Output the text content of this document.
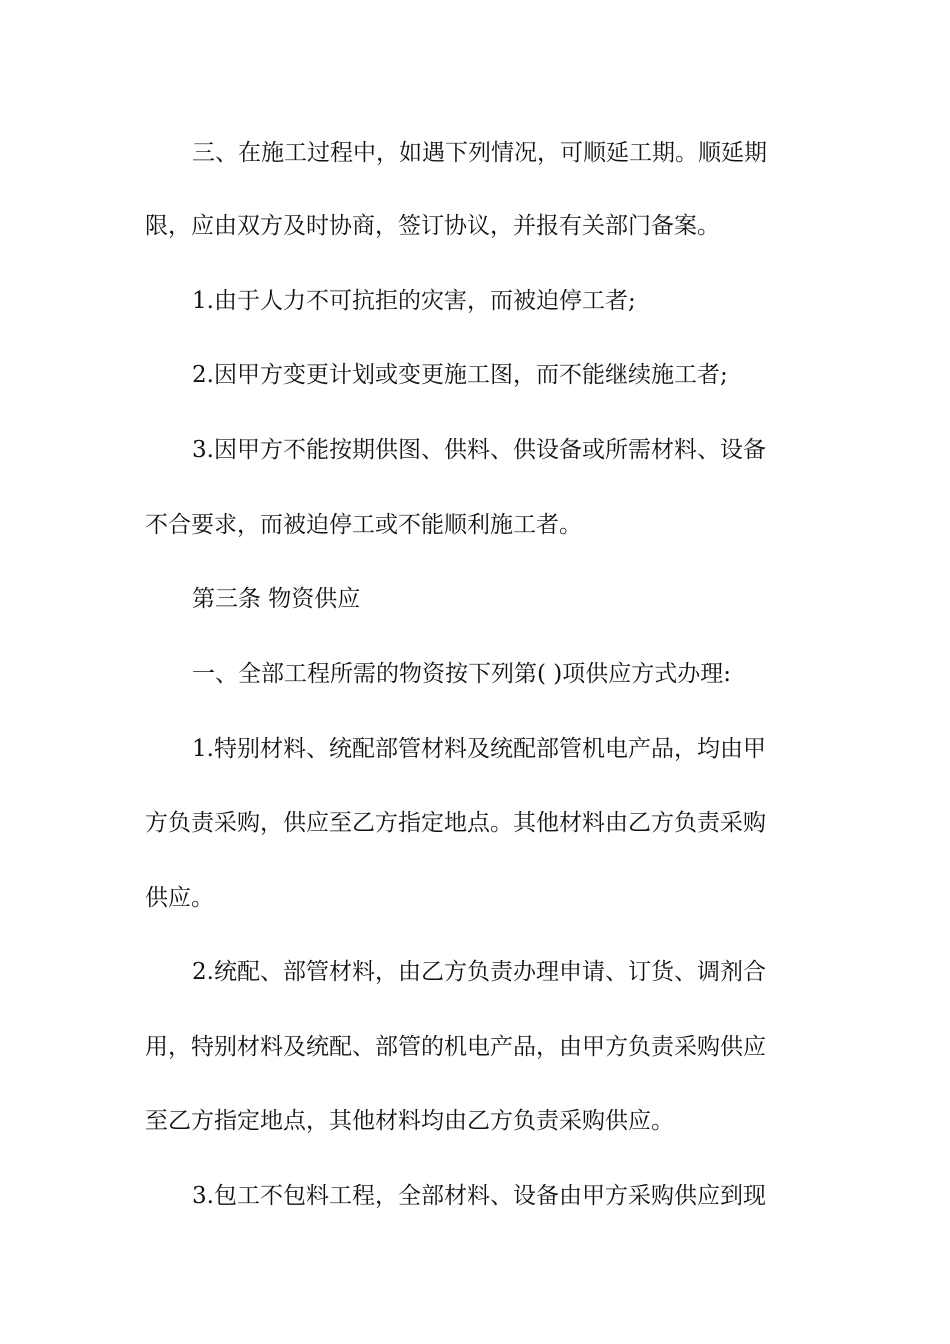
三、在施工过程中，如遇下列情况，可顺延工期。顺延期
限，应由双方及时协商，签订协议，并报有关部门备案。
1.由于人力不可抗拒的灾害，而被迫停工者;
2.因甲方变更计划或变更施工图，而不能继续施工者;
3.因甲方不能按期供图、供料、供设备或所需材料、设备
不合要求，而被迫停工或不能顺利施工者。
第三条 物资供应
一、全部工程所需的物资按下列第( )项供应方式办理:
1.特别材料、统配部管材料及统配部管机电产品，均由甲
方负责采购，供应至乙方指定地点。其他材料由乙方负责采购
供应。
2.统配、部管材料，由乙方负责办理申请、订货、调剂合
用，特别材料及统配、部管的机电产品，由甲方负责采购供应
至乙方指定地点，其他材料均由乙方负责采购供应。
3.包工不包料工程，全部材料、设备由甲方采购供应到现
